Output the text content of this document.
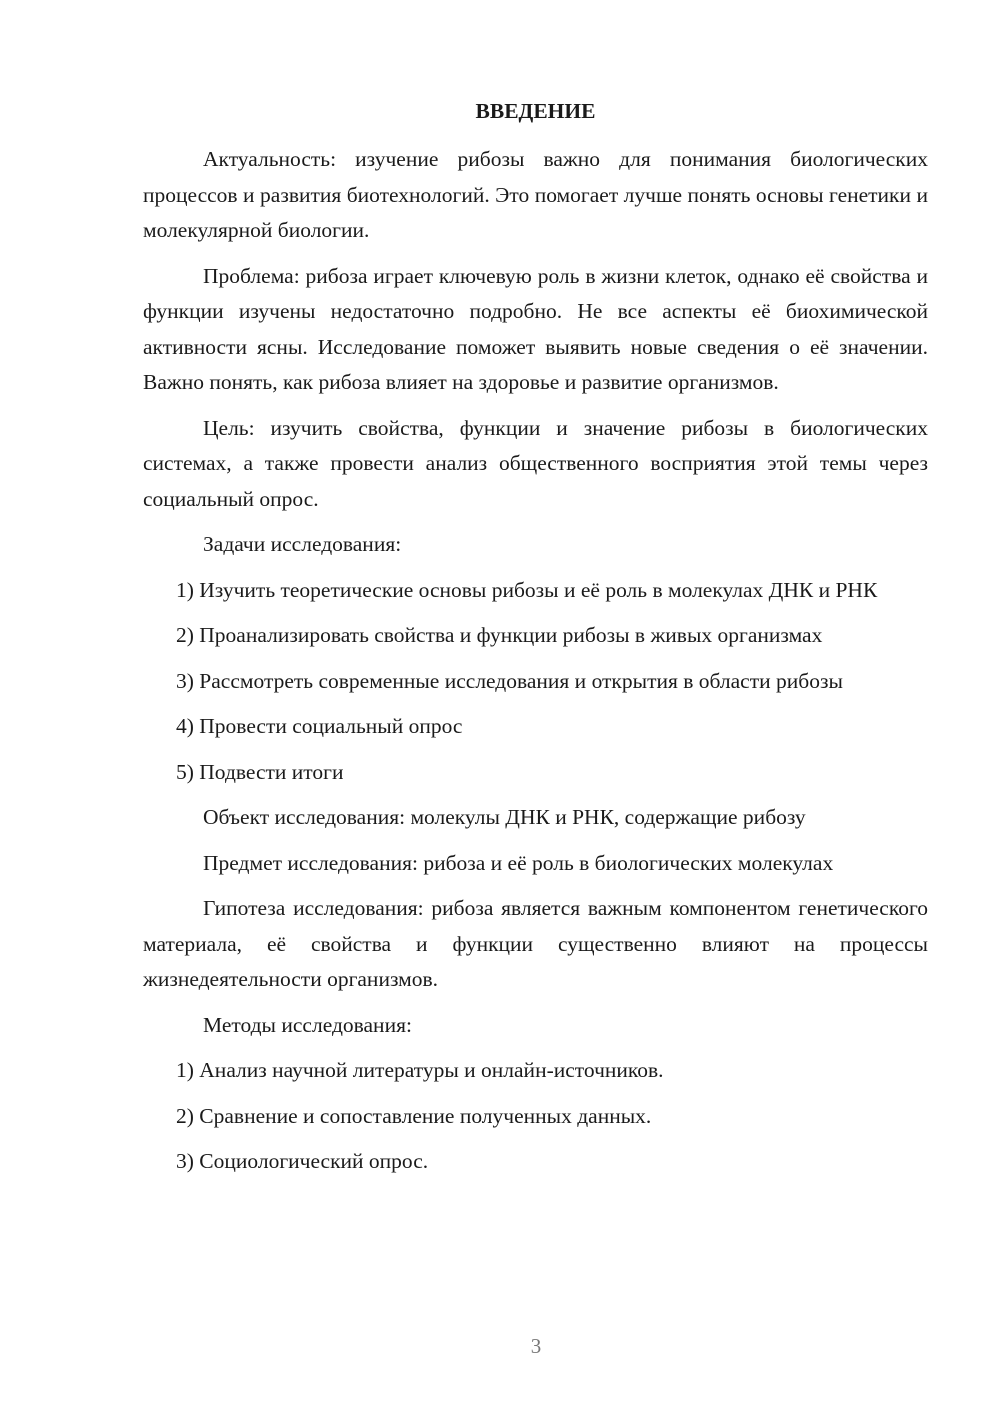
ВВЕДЕНИЕ

Актуальность: изучение рибозы важно для понимания биологических процессов и развития биотехнологий. Это помогает лучше понять основы генетики и молекулярной биологии.

Проблема: рибоза играет ключевую роль в жизни клеток, однако её свойства и функции изучены недостаточно подробно. Не все аспекты её биохимической активности ясны. Исследование поможет выявить новые сведения о её значении. Важно понять, как рибоза влияет на здоровье и развитие организмов.

Цель: изучить свойства, функции и значение рибозы в биологических системах, а также провести анализ общественного восприятия этой темы через социальный опрос.

Задачи исследования:

1) Изучить теоретические основы рибозы и её роль в молекулах ДНК и РНК

2) Проанализировать свойства и функции рибозы в живых организмах

3) Рассмотреть современные исследования и открытия в области рибозы

4) Провести социальный опрос

5) Подвести итоги

Объект исследования: молекулы ДНК и РНК, содержащие рибозу

Предмет исследования: рибоза и её роль в биологических молекулах

Гипотеза исследования: рибоза является важным компонентом генетического материала, её свойства и функции существенно влияют на процессы жизнедеятельности организмов.

Методы исследования:

1) Анализ научной литературы и онлайн-источников.

2) Сравнение и сопоставление полученных данных.

3) Социологический опрос.

3
